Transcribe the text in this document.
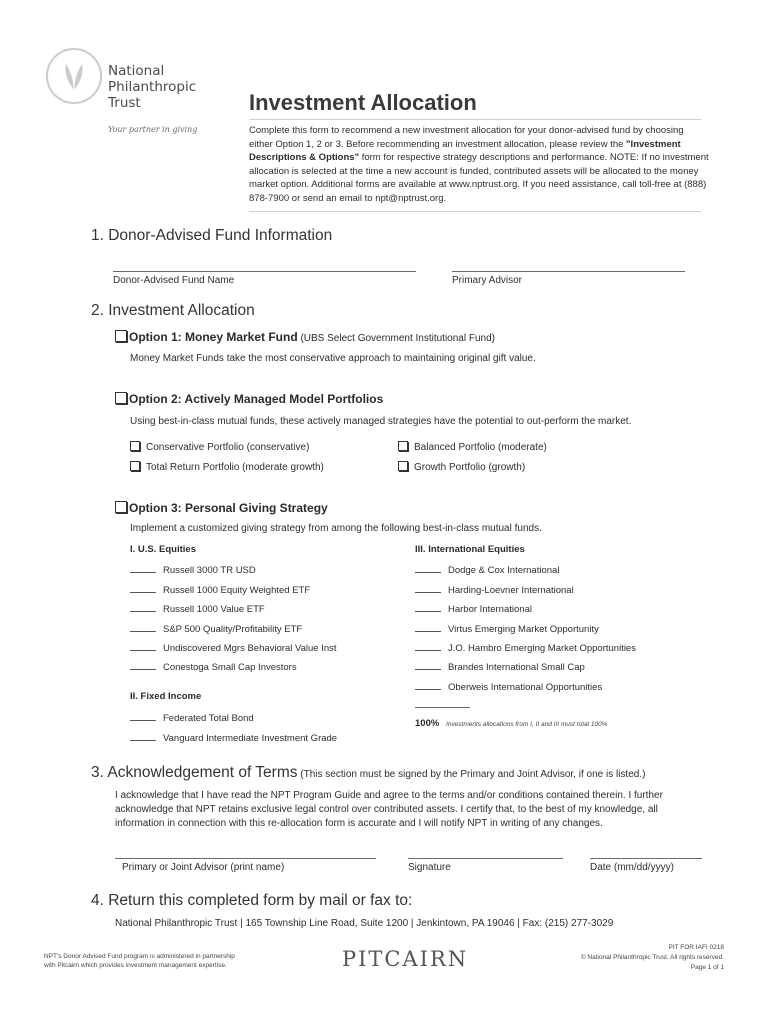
National
Philanthropic
Trust
Your partner in giving
Investment Allocation
Complete this form to recommend a new investment allocation for your donor-advised fund by choosing either Option 1, 2 or 3. Before recommending an investment allocation, please review the "Investment Descriptions & Options" form for respective strategy descriptions and performance. NOTE: If no investment allocation is selected at the time a new account is funded, contributed assets will be allocated to the money market option. Additional forms are available at www.nptrust.org. If you need assistance, call toll-free at (888) 878-7900 or send an email to npt@nptrust.org.
1. Donor-Advised Fund Information
Donor-Advised Fund Name	Primary Advisor
2. Investment Allocation
Option 1: Money Market Fund (UBS Select Government Institutional Fund)
Money Market Funds take the most conservative approach to maintaining original gift value.
Option 2: Actively Managed Model Portfolios
Using best-in-class mutual funds, these actively managed strategies have the potential to out-perform the market.
Conservative Portfolio (conservative)	Balanced Portfolio (moderate)
Total Return Portfolio (moderate growth)	Growth Portfolio (growth)
Option 3: Personal Giving Strategy
Implement a customized giving strategy from among the following best-in-class mutual funds.
I. U.S. Equities	III. International Equities
Russell 3000 TR USD
Russell 1000 Equity Weighted ETF
Russell 1000 Value ETF
S&P 500 Quality/Profitability ETF
Undiscovered Mgrs Behavioral Value Inst
Conestoga Small Cap Investors
II. Fixed Income
Federated Total Bond
Vanguard Intermediate Investment Grade
Dodge & Cox International
Harding-Loevner International
Harbor International
Virtus Emerging Market Opportunity
J.O. Hambro Emerging Market Opportunities
Brandes International Small Cap
Oberweis International Opportunities
100% Investments allocations from I, II and III must total 100%
3. Acknowledgement of Terms (This section must be signed by the Primary and Joint Advisor, if one is listed.)
I acknowledge that I have read the NPT Program Guide and agree to the terms and/or conditions contained therein. I further acknowledge that NPT retains exclusive legal control over contributed assets. I certify that, to the best of my knowledge, all information in connection with this re-allocation form is accurate and I will notify NPT in writing of any changes.
Primary or Joint Advisor (print name)	Signature	Date (mm/dd/yyyy)
4. Return this completed form by mail or fax to:
National Philanthropic Trust | 165 Township Line Road, Suite 1200 | Jenkintown, PA 19046 | Fax: (215) 277-3029
NPT's Donor Advised Fund program is administered in partnership
with Pitcairn which provides investment management expertise.	PITCAIRN	PIT FOR IAFI 0218
© National Philanthropic Trust. All rights reserved.
Page 1 of 1
